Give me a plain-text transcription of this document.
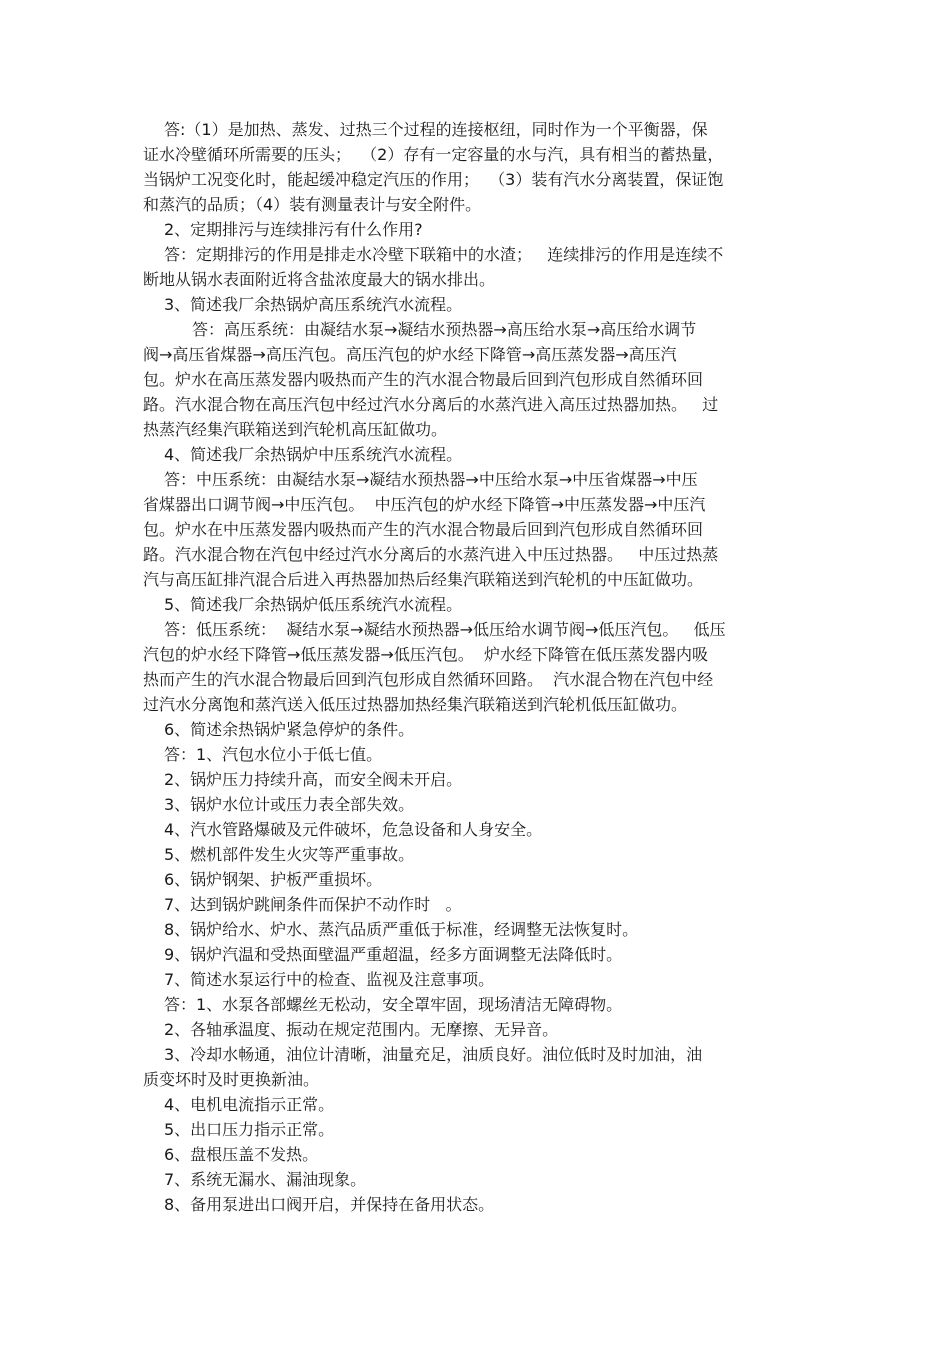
答:（1）是加热、蒸发、过热三个过程的连接枢纽，同时作为一个平衡器，保
证水冷壁循环所需要的压头；  （2）存有一定容量的水与汽，具有相当的蓄热量，
当锅炉工况变化时，能起缓冲稳定汽压的作用；  （3）装有汽水分离装置，保证饱
和蒸汽的品质；（4）装有测量表计与安全附件。
2、定期排污与连续排污有什么作用?
答：定期排污的作用是排走水冷壁下联箱中的水渣；   连续排污的作用是连续不
断地从锅水表面附近将含盐浓度最大的锅水排出。
3、简述我厂余热锅炉高压系统汽水流程。
答：高压系统：由凝结水泵→凝结水预热器→高压给水泵→高压给水调节
阀→高压省煤器→高压汽包。高压汽包的炉水经下降管→高压蒸发器→高压汽
包。炉水在高压蒸发器内吸热而产生的汽水混合物最后回到汽包形成自然循环回
路。汽水混合物在高压汽包中经过汽水分离后的水蒸汽进入高压过热器加热。   过
热蒸汽经集汽联箱送到汽轮机高压缸做功。
4、简述我厂余热锅炉中压系统汽水流程。
答：中压系统：由凝结水泵→凝结水预热器→中压给水泵→中压省煤器→中压
省煤器出口调节阀→中压汽包。  中压汽包的炉水经下降管→中压蒸发器→中压汽
包。炉水在中压蒸发器内吸热而产生的汽水混合物最后回到汽包形成自然循环回
路。汽水混合物在汽包中经过汽水分离后的水蒸汽进入中压过热器。   中压过热蒸
汽与高压缸排汽混合后进入再热器加热后经集汽联箱送到汽轮机的中压缸做功。
5、简述我厂余热锅炉低压系统汽水流程。
答：低压系统：  凝结水泵→凝结水预热器→低压给水调节阀→低压汽包。   低压
汽包的炉水经下降管→低压蒸发器→低压汽包。  炉水经下降管在低压蒸发器内吸
热而产生的汽水混合物最后回到汽包形成自然循环回路。  汽水混合物在汽包中经
过汽水分离饱和蒸汽送入低压过热器加热经集汽联箱送到汽轮机低压缸做功。
6、简述余热锅炉紧急停炉的条件。
答：1、汽包水位小于低七值。
2、锅炉压力持续升高，而安全阀未开启。
3、锅炉水位计或压力表全部失效。
4、汽水管路爆破及元件破坏，危急设备和人身安全。
5、燃机部件发生火灾等严重事故。
6、锅炉钢架、护板严重损坏。
7、达到锅炉跳闸条件而保护不动作时   。
8、锅炉给水、炉水、蒸汽品质严重低于标准，经调整无法恢复时。
9、锅炉汽温和受热面壁温严重超温，经多方面调整无法降低时。
7、简述水泵运行中的检查、监视及注意事项。
答：1、水泵各部螺丝无松动，安全罩牢固，现场清洁无障碍物。
2、各轴承温度、振动在规定范围内。无摩擦、无异音。
3、冷却水畅通，油位计清晰，油量充足，油质良好。油位低时及时加油，油
质变坏时及时更换新油。
4、电机电流指示正常。
5、出口压力指示正常。
6、盘根压盖不发热。
7、系统无漏水、漏油现象。
8、备用泵进出口阀开启，并保持在备用状态。
